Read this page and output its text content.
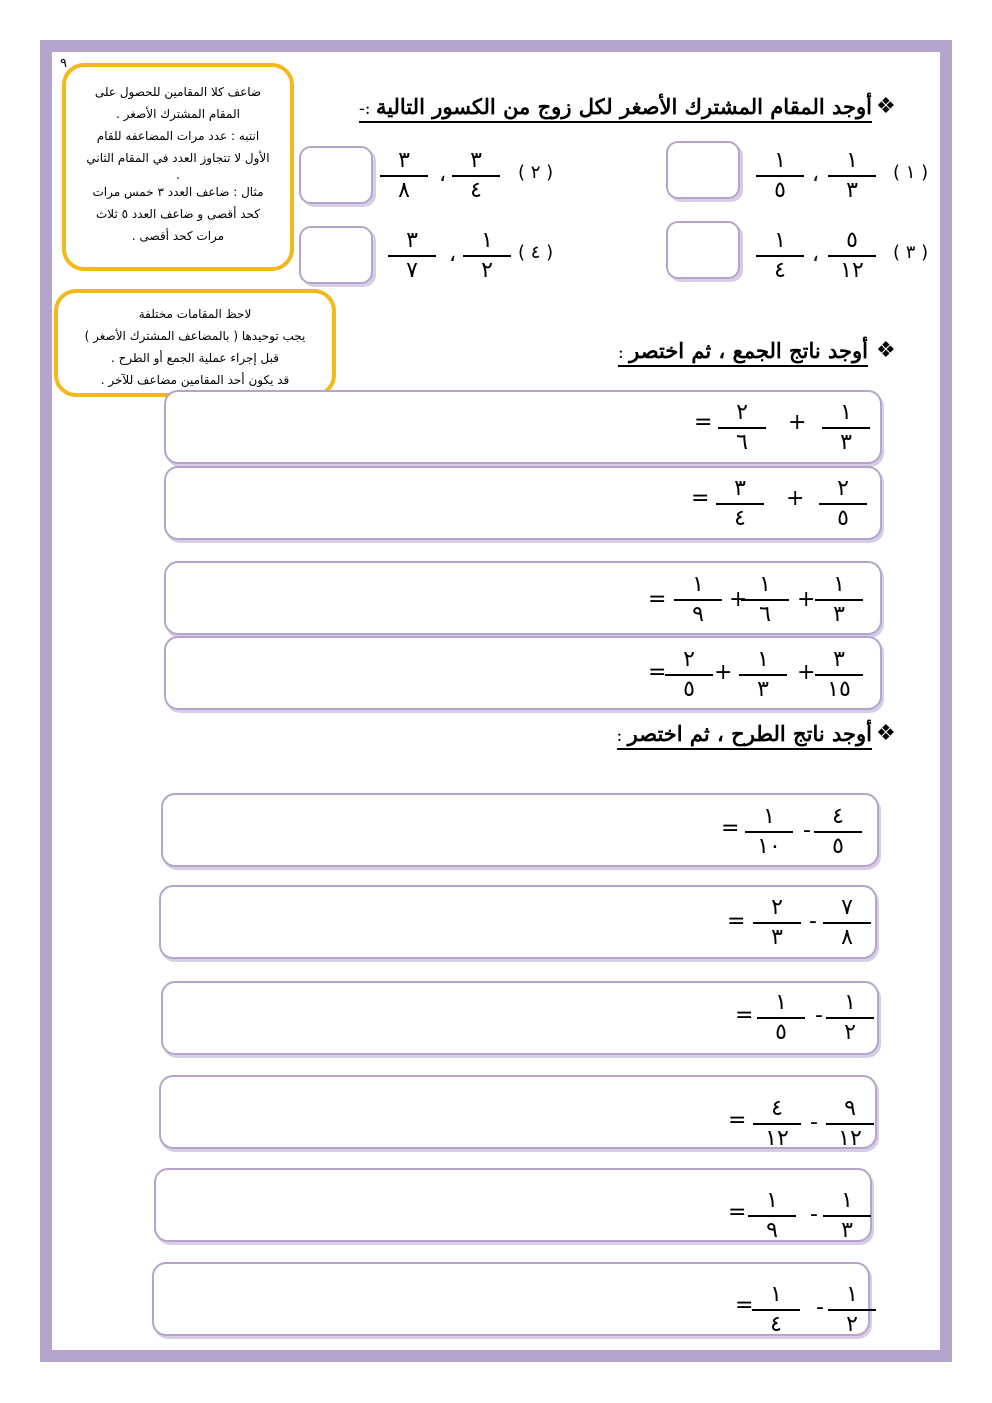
٩

ضاعف كلا المقامين للحصول على

المقام المشترك الأصغر .

انتبه : عدد مرات المضاعفه للقام

الأول لا تتجاوز العدد في المقام الثاني

.

مثال : ضاعف العدد ٣ خمس مرات

كحد أقصى و ضاعف العدد ٥ ثلاث

مرات كحد أقصى .

لاحظ المقامات مختلفة

يجب توحيدها ( بالمضاعف المشترك الأصغر )

قبل إجراء عملية الجمع أو الطرح .

قد يكون أحد المقامين مضاعف للآخر .

❖
أوجد المقام المشترك الأصغر لكل زوج من الكسور التالية :-
❖
أوجد ناتج الجمع ، ثم اختصر :
❖
أوجد ناتج الطرح ، ثم اختصر :
( ١ )
١
٣
١
٥
،
( ٢ )
٣
٤
٣
٨
،
( ٣ )
٥
١٢
١
٤
،
( ٤ )
١
٢
٣
٧
،
١
٣
٢
٦
+
=
٢
٥
٣
٤
+
=
١
٣
١
٦
١
٩
+
+
=
٣
١٥
١
٣
٢
٥
+
+
=
٤
٥
١
١٠
-
=
٧
٨
٢
٣
-
=
١
٢
١
٥
-
=
٩
١٢
٤
١٢
-
=
١
٣
١
٩
-
=
١
٢
١
٤
-
=
